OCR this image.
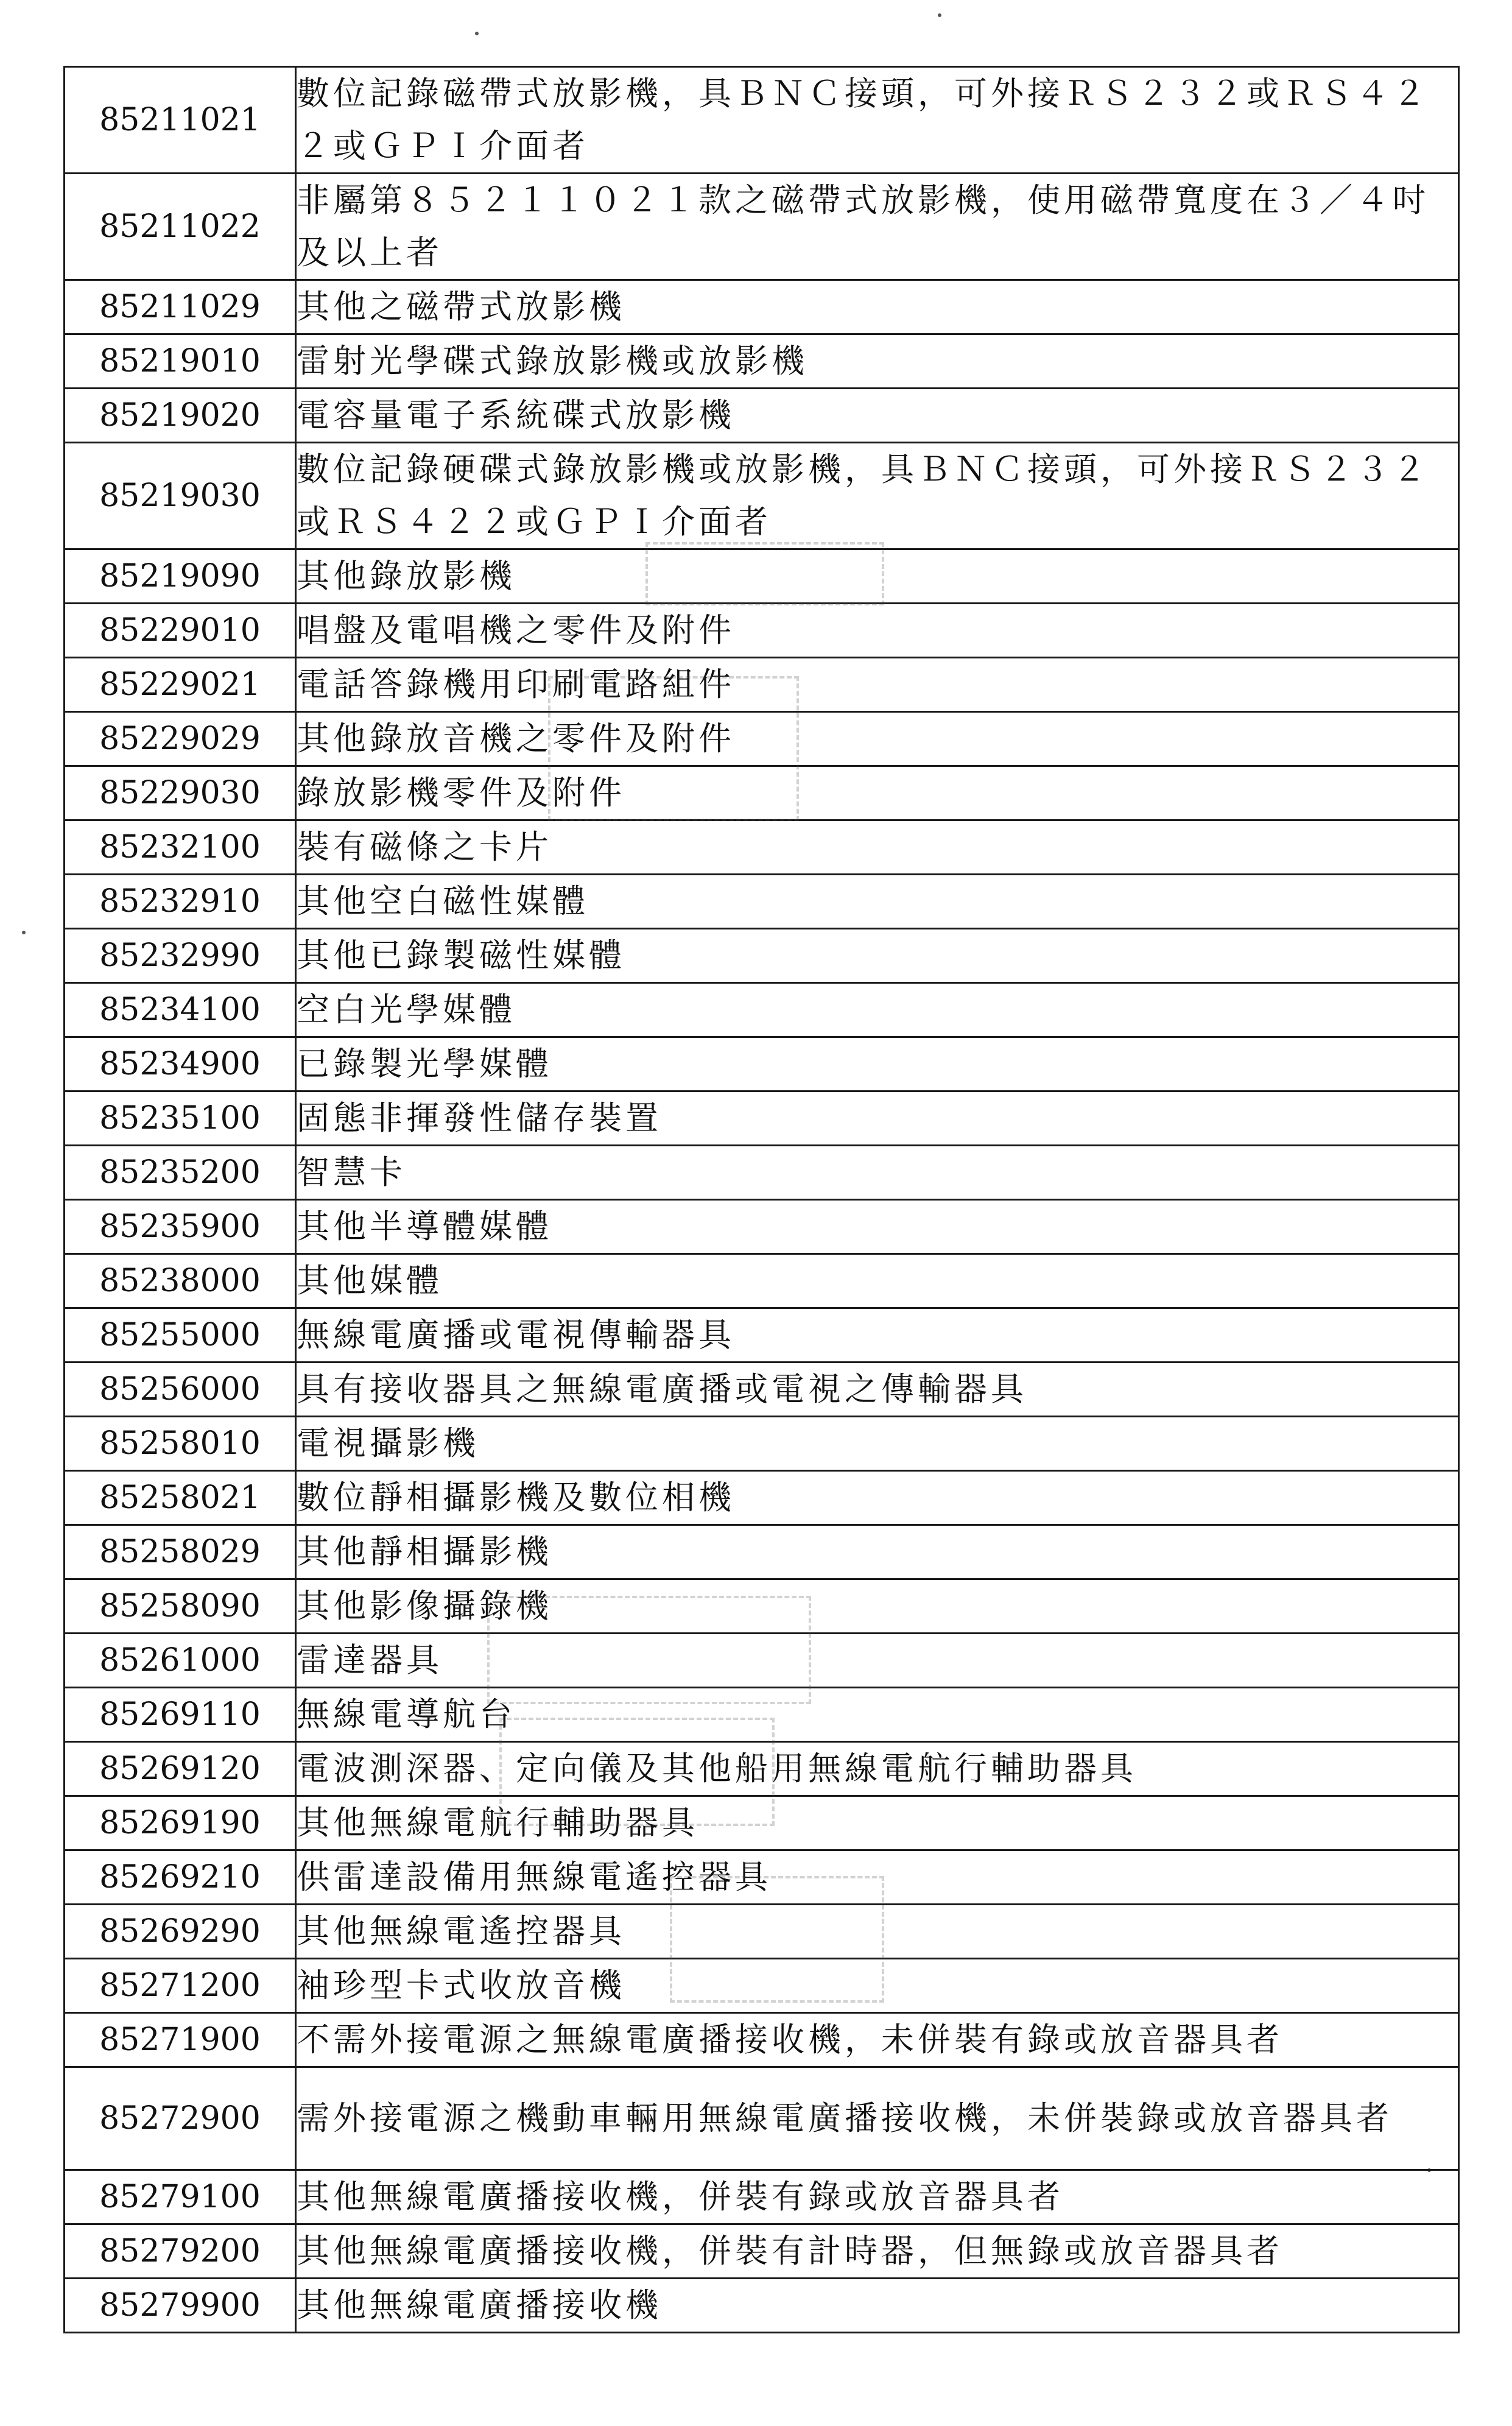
85211021	數位記錄磁帶式放影機，具ＢＮＣ接頭，可外接ＲＳ２３２或ＲＳ４２２或ＧＰＩ介面者
85211022	非屬第８５２１１０２１款之磁帶式放影機，使用磁帶寬度在３／４吋及以上者
85211029	其他之磁帶式放影機
85219010	雷射光學碟式錄放影機或放影機
85219020	電容量電子系統碟式放影機
85219030	數位記錄硬碟式錄放影機或放影機，具ＢＮＣ接頭，可外接ＲＳ２３２或ＲＳ４２２或ＧＰＩ介面者
85219090	其他錄放影機
85229010	唱盤及電唱機之零件及附件
85229021	電話答錄機用印刷電路組件
85229029	其他錄放音機之零件及附件
85229030	錄放影機零件及附件
85232100	裝有磁條之卡片
85232910	其他空白磁性媒體
85232990	其他已錄製磁性媒體
85234100	空白光學媒體
85234900	已錄製光學媒體
85235100	固態非揮發性儲存裝置
85235200	智慧卡
85235900	其他半導體媒體
85238000	其他媒體
85255000	無線電廣播或電視傳輸器具
85256000	具有接收器具之無線電廣播或電視之傳輸器具
85258010	電視攝影機
85258021	數位靜相攝影機及數位相機
85258029	其他靜相攝影機
85258090	其他影像攝錄機
85261000	雷達器具
85269110	無線電導航台
85269120	電波測深器、定向儀及其他船用無線電航行輔助器具
85269190	其他無線電航行輔助器具
85269210	供雷達設備用無線電遙控器具
85269290	其他無線電遙控器具
85271200	袖珍型卡式收放音機
85271900	不需外接電源之無線電廣播接收機，未併裝有錄或放音器具者
85272900	需外接電源之機動車輛用無線電廣播接收機，未併裝錄或放音器具者
85279100	其他無線電廣播接收機，併裝有錄或放音器具者
85279200	其他無線電廣播接收機，併裝有計時器，但無錄或放音器具者
85279900	其他無線電廣播接收機
